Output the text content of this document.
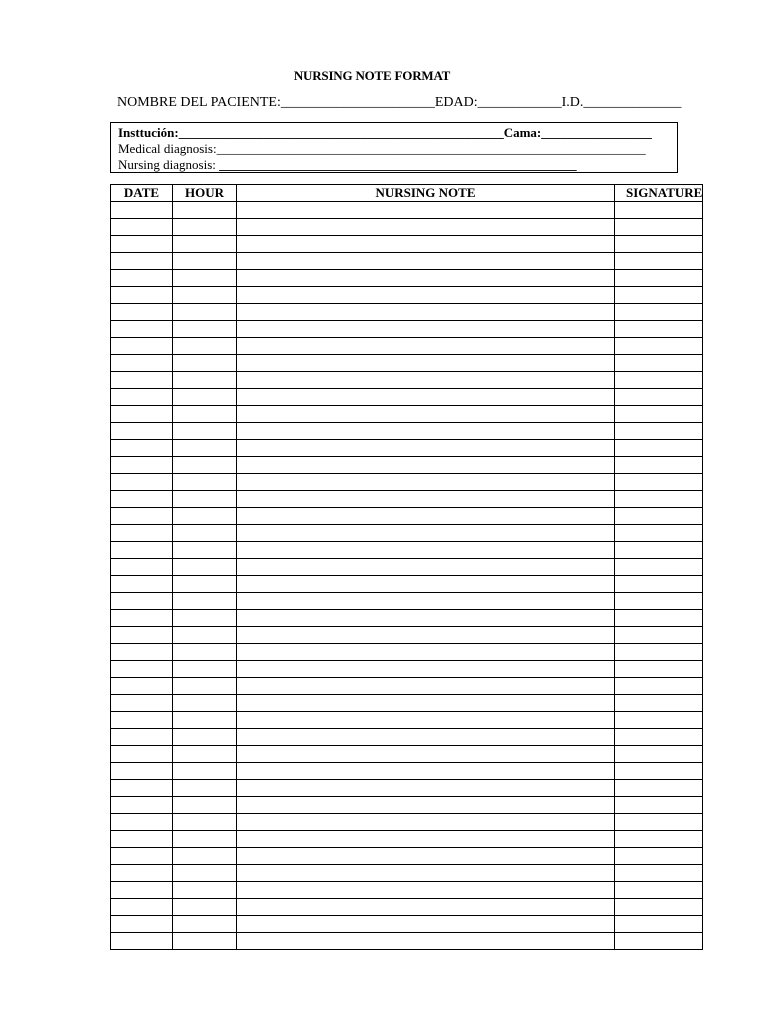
NURSING NOTE FORMAT
NOMBRE DEL PACIENTE:______________________EDAD:____________I.D.______________
Insttución:__________________________________________________Cama:_________________
Medical diagnosis:__________________________________________________________________
Nursing diagnosis: _______________________________________________________
DATE	HOUR	NURSING NOTE	SIGNATURE
